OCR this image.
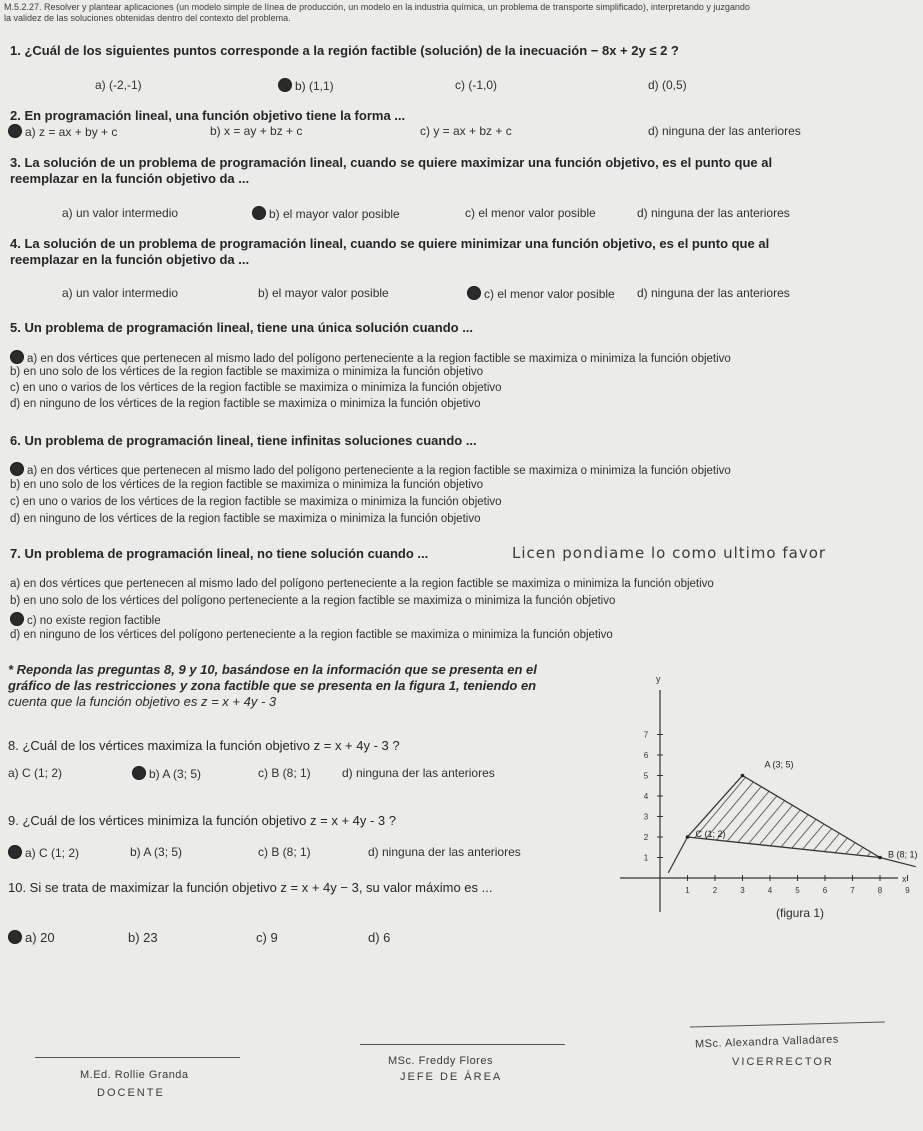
M.5.2.27. Resolver y plantear aplicaciones (un modelo simple de línea de producción, un modelo en la industria química, un problema de transporte simplificado), interpretando y juzgando
la validez de las soluciones obtenidas dentro del contexto del problema.
1. ¿Cuál de los siguientes puntos corresponde a la región factible (solución) de la inecuación − 8x + 2y ≤ 2 ?
a) (-2,-1)	b) (1,1)	c) (-1,0)	d) (0,5)
2. En programación lineal, una función objetivo tiene la forma ...
a) z = ax + by + c	b) x = ay + bz + c	c) y = ax + bz + c	d) ninguna der las anteriores
3. La solución de un problema de programación lineal, cuando se quiere maximizar una función objetivo, es el punto que al
reemplazar en la función objetivo da ...
a) un valor intermedio	b) el mayor valor posible	c) el menor valor posible	d) ninguna der las anteriores
4. La solución de un problema de programación lineal, cuando se quiere minimizar una función objetivo, es el punto que al
reemplazar en la función objetivo da ...
a) un valor intermedio	b) el mayor valor posible	c) el menor valor posible d) ninguna der las anteriores
5. Un problema de programación lineal, tiene una única solución cuando ...
a) en dos vértices que pertenecen al mismo lado del polígono perteneciente a la region factible se maximiza o minimiza la función objetivo
b) en uno solo de los vértices de la region factible se maximiza o minimiza la función objetivo
c) en uno o varios de los vértices de la region factible se maximiza o minimiza la función objetivo
d) en ninguno de los vértices de la region factible se maximiza o minimiza la función objetivo
6. Un problema de programación lineal, tiene infinitas soluciones cuando ...
a) en dos vértices que pertenecen al mismo lado del polígono perteneciente a la region factible se maximiza o minimiza la función objetivo
b) en uno solo de los vértices de la region factible se maximiza o minimiza la función objetivo
c) en uno o varios de los vértices de la region factible se maximiza o minimiza la función objetivo
d) en ninguno de los vértices de la region factible se maximiza o minimiza la función objetivo
7. Un problema de programación lineal, no tiene solución cuando ...	Licen pondiame lo como ultimo favor
a) en dos vértices que pertenecen al mismo lado del polígono perteneciente a la region factible se maximiza o minimiza la función objetivo
b) en uno solo de los vértices del polígono perteneciente a la region factible se maximiza o minimiza la función objetivo
c) no existe region factible
d) en ninguno de los vértices del polígono perteneciente a la region factible se maximiza o minimiza la función objetivo
* Reponda las preguntas 8, 9 y 10, basándose en la información que se presenta en el
gráfico de las restricciones y zona factible que se presenta en la figura 1, teniendo en
cuenta que la función objetivo es z = x + 4y - 3
8. ¿Cuál de los vértices maximiza la función objetivo z = x + 4y - 3 ?
a) C (1; 2)	b) A (3; 5)	c) B (8; 1)	d) ninguna der las anteriores
9. ¿Cuál de los vértices minimiza la función objetivo z = x + 4y - 3 ?
a) C (1; 2)	b) A (3; 5)	c) B (8; 1)	d) ninguna der las anteriores
10. Si se trata de maximizar la función objetivo z = x + 4y − 3, su valor máximo es ...
a) 20	b) 23	c) 9	d) 6
1	2	3	4	5	6	7	8	9
1
2
3
4
5
6
7
y
x
A (3; 5)
B (8; 1)
C (1; 2)
(figura 1)
M.Ed. Rollie Granda
DOCENTE
MSc. Freddy Flores
JEFE DE ÁREA
MSc. Alexandra Valladares
VICERRECTOR
